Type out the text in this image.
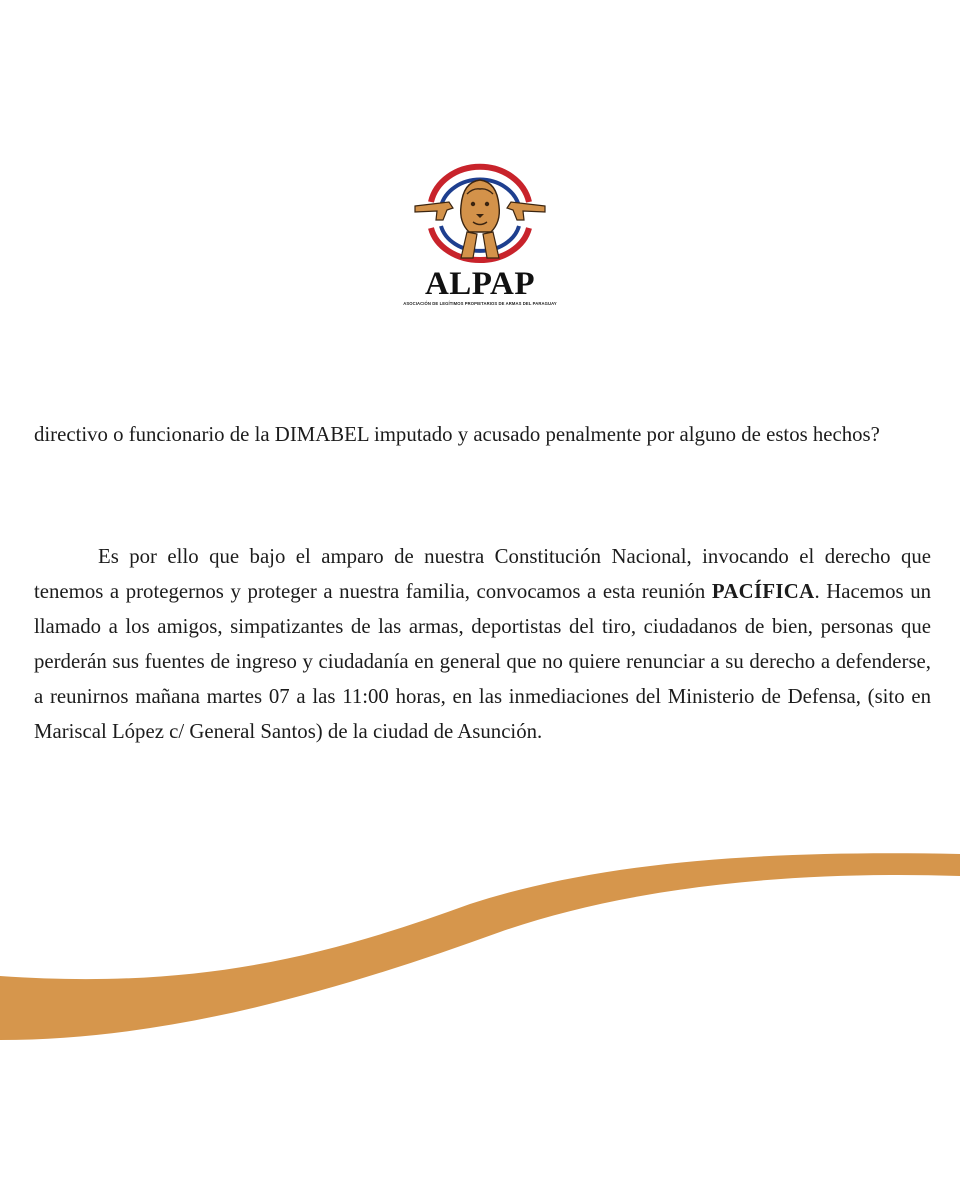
ALPAP
ASOCIACIÓN DE LEGÍTIMOS PROPIETARIOS DE ARMAS DEL PARAGUAY

directivo o funcionario de la DIMABEL imputado y acusado penalmente por alguno de estos hechos?

Es por ello que bajo el amparo de nuestra Constitución Nacional, invocando el derecho que tenemos a protegernos y proteger a nuestra familia, convocamos a esta reunión PACÍFICA. Hacemos un llamado a los amigos, simpatizantes de las armas, deportistas del tiro, ciudadanos de bien, personas que perderán sus fuentes de ingreso y ciudadanía en general que no quiere renunciar a su derecho a defenderse, a reunirnos mañana martes 07 a las 11:00 horas, en las inmediaciones del Ministerio de Defensa, (sito en Mariscal López c/ General Santos) de la ciudad de Asunción.
